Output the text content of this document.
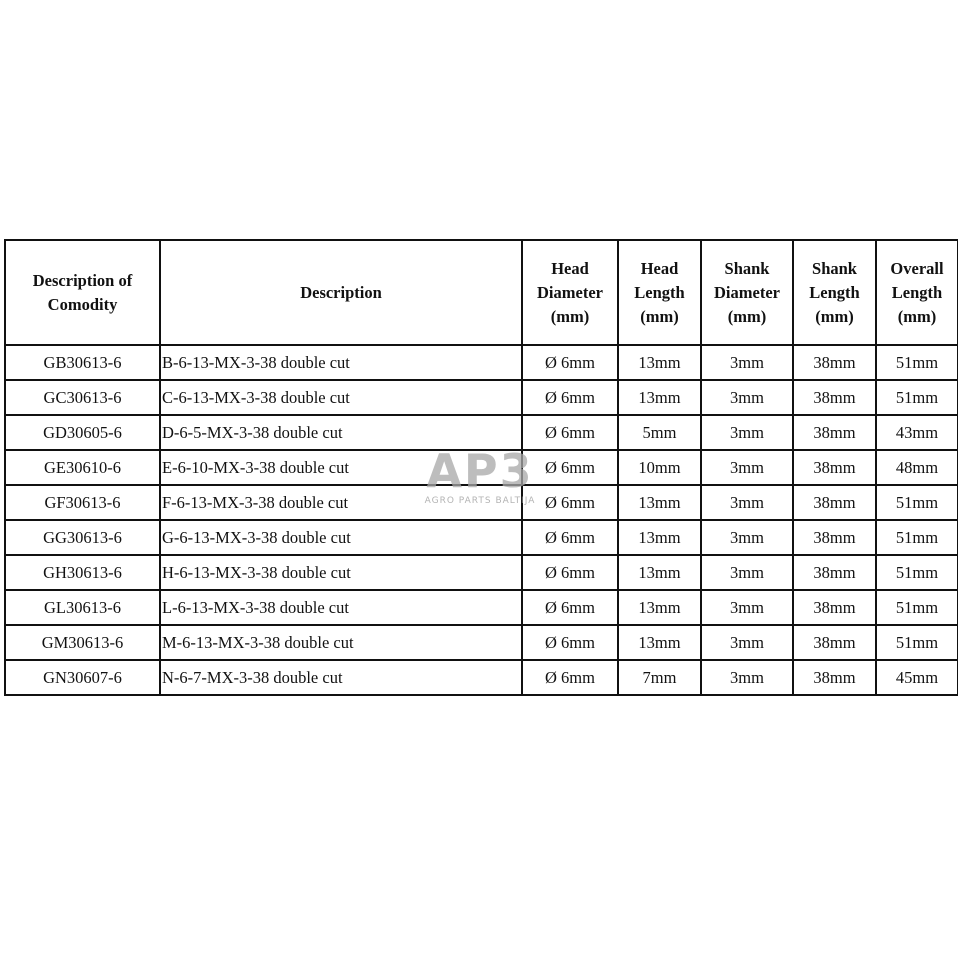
Description of
Comodity	Description	Head
Diameter
(mm)	Head
Length
(mm)	Shank
Diameter
(mm)	Shank
Length
(mm)	Overall
Length
(mm)

GB30613-6	B-6-13-MX-3-38 double cut	Ø 6mm	13mm	3mm	38mm	51mm
GC30613-6	C-6-13-MX-3-38 double cut	Ø 6mm	13mm	3mm	38mm	51mm
GD30605-6	D-6-5-MX-3-38 double cut	Ø 6mm	5mm	3mm	38mm	43mm
GE30610-6	E-6-10-MX-3-38 double cut	Ø 6mm	10mm	3mm	38mm	48mm
GF30613-6	F-6-13-MX-3-38 double cut	Ø 6mm	13mm	3mm	38mm	51mm
GG30613-6	G-6-13-MX-3-38 double cut	Ø 6mm	13mm	3mm	38mm	51mm
GH30613-6	H-6-13-MX-3-38 double cut	Ø 6mm	13mm	3mm	38mm	51mm
GL30613-6	L-6-13-MX-3-38 double cut	Ø 6mm	13mm	3mm	38mm	51mm
GM30613-6	M-6-13-MX-3-38 double cut	Ø 6mm	13mm	3mm	38mm	51mm
GN30607-6	N-6-7-MX-3-38 double cut	Ø 6mm	7mm	3mm	38mm	45mm
AP3
AGRO PARTS BALTIJA
